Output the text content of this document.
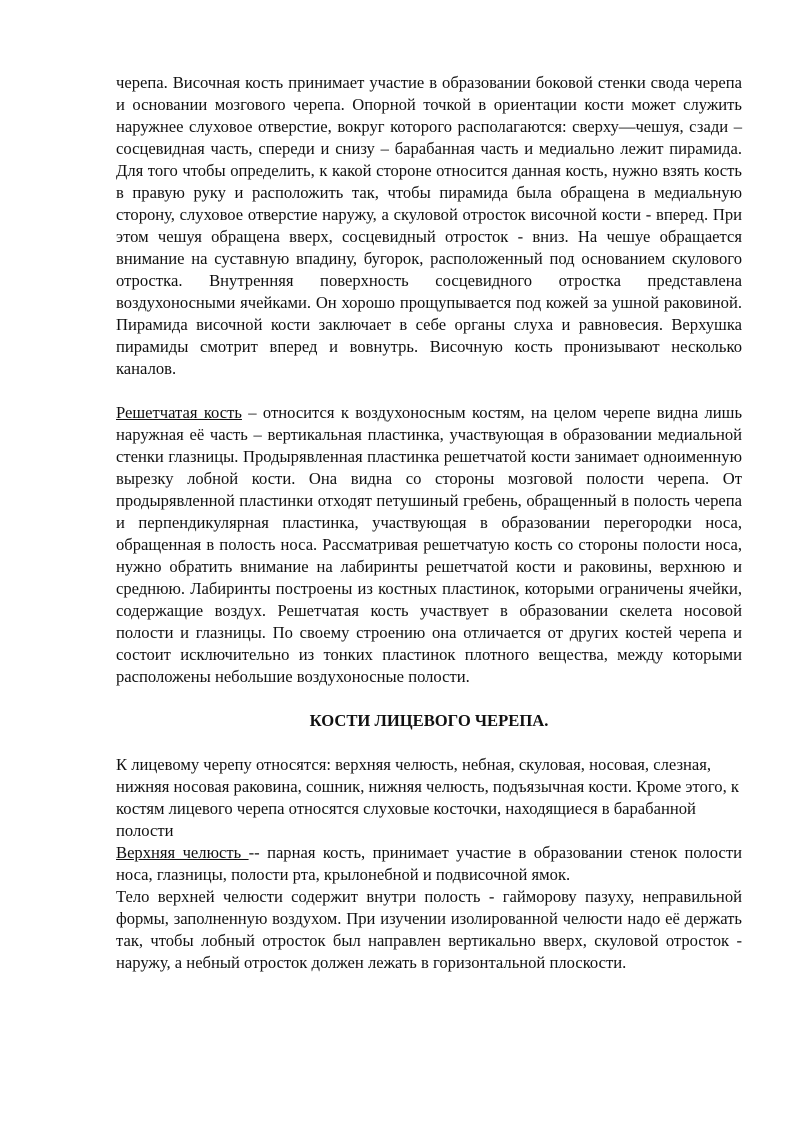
черепа. Височная кость принимает участие в образовании боковой стенки свода черепа и основании мозгового черепа. Опорной точкой в ориентации кости может служить наружнее слуховое отверстие, вокруг которого располагаются: сверху—чешуя, сзади – сосцевидная часть, спереди и снизу – барабанная часть и медиально лежит пирамида. Для того чтобы определить, к какой стороне относится данная кость, нужно взять кость в правую руку и расположить так, чтобы пирамида была обращена в медиальную сторону, слуховое отверстие наружу, а скуловой отросток височной кости - вперед. При этом чешуя обращена вверх, сосцевидный отросток - вниз. На чешуе обращается внимание на суставную впадину, бугорок, расположенный под основанием скулового отростка. Внутренняя поверхность сосцевидного отростка представлена воздухоносными ячейками. Он хорошо прощупывается под кожей за ушной раковиной. Пирамида височной кости заключает в себе органы слуха и равновесия. Верхушка пирамиды смотрит вперед и вовнутрь. Височную кость пронизывают несколько каналов.

Решетчатая кость – относится к воздухоносным костям, на целом черепе видна лишь наружная её часть – вертикальная пластинка, участвующая в образовании медиальной стенки глазницы. Продырявленная пластинка решетчатой кости занимает одноименную вырезку лобной кости. Она видна со стороны мозговой полости черепа. От продырявленной пластинки отходят петушиный гребень, обращенный в полость черепа и перпендикулярная пластинка, участвующая в образовании перегородки носа, обращенная в полость носа. Рассматривая решетчатую кость со стороны полости носа, нужно обратить внимание на лабиринты решетчатой кости и раковины, верхнюю и среднюю. Лабиринты построены из костных пластинок, которыми ограничены ячейки, содержащие воздух. Решетчатая кость участвует в образовании скелета носовой полости и глазницы. По своему строению она отличается от других костей черепа и состоит исключительно из тонких пластинок плотного вещества, между которыми расположены небольшие воздухоносные полости.

КОСТИ ЛИЦЕВОГО ЧЕРЕПА.

К лицевому черепу относятся: верхняя челюсть, небная, скуловая, носовая, слезная, нижняя носовая раковина, сошник, нижняя челюсть, подъязычная кости. Кроме этого, к костям лицевого черепа относятся слуховые косточки, находящиеся в барабанной полости

Верхняя челюсть -- парная кость, принимает участие в образовании стенок полости носа, глазницы, полости рта, крылонебной и подвисочной ямок.

Тело верхней челюсти содержит внутри полость - гайморову пазуху, неправильной формы, заполненную воздухом. При изучении изолированной челюсти надо её держать так, чтобы лобный отросток был направлен вертикально вверх, скуловой отросток - наружу, а небный отросток должен лежать в горизонтальной плоскости.
